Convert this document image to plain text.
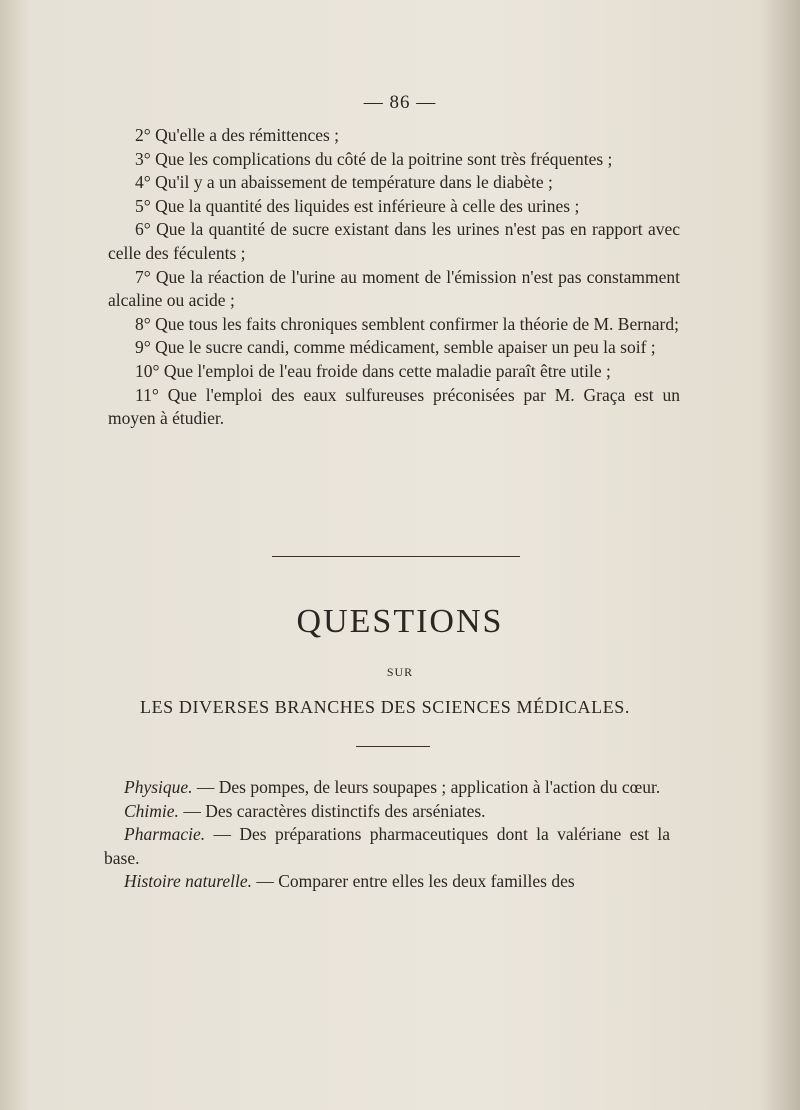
— 86 —

2° Qu'elle a des rémittences ;

3° Que les complications du côté de la poitrine sont très fréquentes ;

4° Qu'il y a un abaissement de température dans le diabète ;

5° Que la quantité des liquides est inférieure à celle des urines ;

6° Que la quantité de sucre existant dans les urines n'est pas en rapport avec celle des féculents ;

7° Que la réaction de l'urine au moment de l'émission n'est pas constamment alcaline ou acide ;

8° Que tous les faits chroniques semblent confirmer la théorie de M. Bernard;

9° Que le sucre candi, comme médicament, semble apaiser un peu la soif ;

10° Que l'emploi de l'eau froide dans cette maladie paraît être utile ;

11° Que l'emploi des eaux sulfureuses préconisées par M. Graça est un moyen à étudier.

QUESTIONS
SUR
LES DIVERSES BRANCHES DES SCIENCES MÉDICALES.

Physique. — Des pompes, de leurs soupapes ; application à l'action du cœur.

Chimie. — Des caractères distinctifs des arséniates.

Pharmacie. — Des préparations pharmaceutiques dont la valériane est la base.

Histoire naturelle. — Comparer entre elles les deux familles des
